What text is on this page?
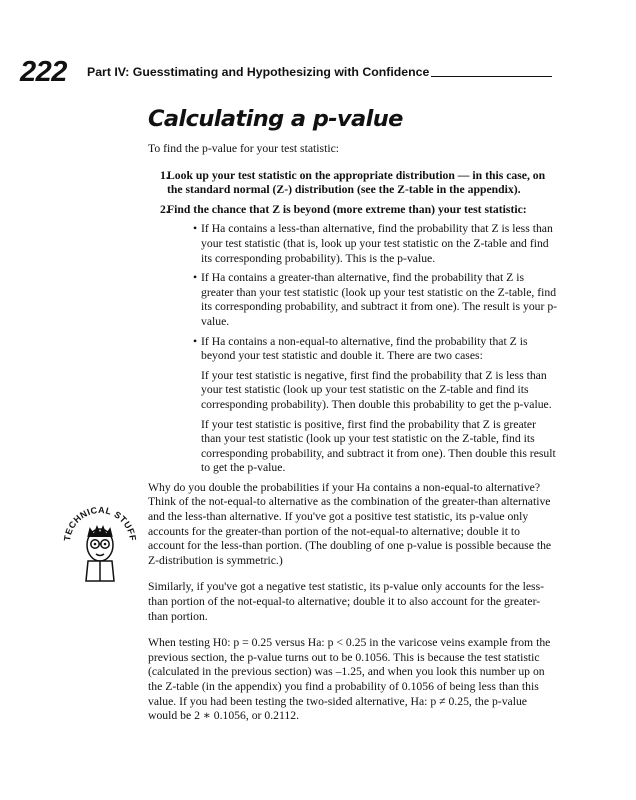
222 Part IV: Guesstimating and Hypothesizing with Confidence
Calculating a p-value

To find the p-value for your test statistic:

1.
Look up your test statistic on the appropriate distribution — in this case, on the standard normal (Z-) distribution (see the Z-table in the appendix).
2.
Find the chance that Z is beyond (more extreme than) your test statistic:
• If Ha contains a less-than alternative, find the probability that Z is less than your test statistic (that is, look up your test statistic on the Z-table and find its corresponding probability). This is the p-value.
• If Ha contains a greater-than alternative, find the probability that Z is greater than your test statistic (look up your test statistic on the Z-table, find its corresponding probability, and subtract it from one). The result is your p-value.
• If Ha contains a non-equal-to alternative, find the probability that Z is beyond your test statistic and double it. There are two cases:

If your test statistic is negative, first find the probability that Z is less than your test statistic (look up your test statistic on the Z-table and find its corresponding probability). Then double this probability to get the p-value.

If your test statistic is positive, first find the probability that Z is greater than your test statistic (look up your test statistic on the Z-table, find its corresponding probability, and subtract it from one). Then double this result to get the p-value.

Why do you double the probabilities if your Ha contains a non-equal-to alternative? Think of the not-equal-to alternative as the combination of the greater-than alternative and the less-than alternative. If you've got a positive test statistic, its p-value only accounts for the greater-than portion of the not-equal-to alternative; double it to account for the less-than portion. (The doubling of one p-value is possible because the Z-distribution is symmetric.)

Similarly, if you've got a negative test statistic, its p-value only accounts for the less-than portion of the not-equal-to alternative; double it to also account for the greater-than portion.

When testing H0: p = 0.25 versus Ha: p < 0.25 in the varicose veins example from the previous section, the p-value turns out to be 0.1056. This is because the test statistic (calculated in the previous section) was –1.25, and when you look this number up on the Z-table (in the appendix) you find a probability of 0.1056 of being less than this value. If you had been testing the two-sided alternative, Ha: p ≠ 0.25, the p-value would be 2 ∗ 0.1056, or 0.2112.

TECHNICAL STUFF
